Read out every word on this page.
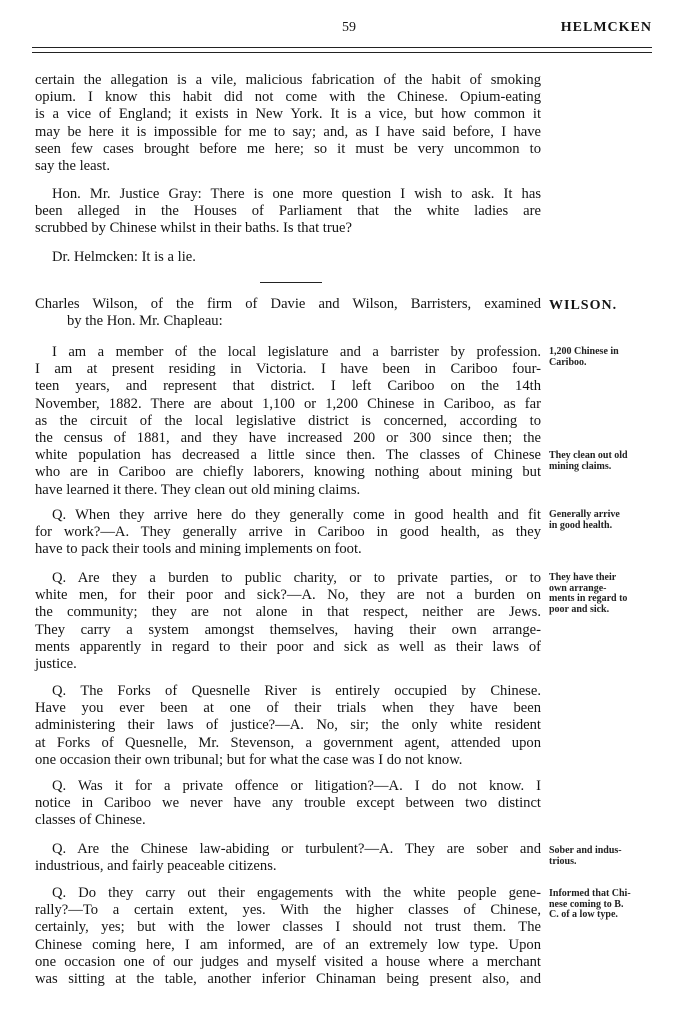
59	HELMCKEN
certain the allegation is a vile, malicious fabrication of the habit of smoking
opium. I know this habit did not come with the Chinese. Opium-eating
is a vice of England; it exists in New York. It is a vice, but how common it
may be here it is impossible for me to say; and, as I have said before, I have
seen few cases brought before me here; so it must be very uncommon to
say the least.
Hon. Mr. Justice Gray: There is one more question I wish to ask. It has
been alleged in the Houses of Parliament that the white ladies are
scrubbed by Chinese whilst in their baths. Is that true?
Dr. Helmcken: It is a lie.
Charles Wilson, of the firm of Davie and Wilson, Barristers, examined
by the Hon. Mr. Chapleau:
WILSON.
I am a member of the local legislature and a barrister by profession.
I am at present residing in Victoria. I have been in Cariboo four-
teen years, and represent that district. I left Cariboo on the 14th
November, 1882. There are about 1,100 or 1,200 Chinese in Cariboo, as far
as the circuit of the local legislative district is concerned, according to
the census of 1881, and they have increased 200 or 300 since then; the
white population has decreased a little since then. The classes of Chinese
who are in Cariboo are chiefly laborers, knowing nothing about mining but
have learned it there. They clean out old mining claims.
Q. When they arrive here do they generally come in good health and fit
for work?—A. They generally arrive in Cariboo in good health, as they
have to pack their tools and mining implements on foot.
Q. Are they a burden to public charity, or to private parties, or to
white men, for their poor and sick?—A. No, they are not a burden on
the community; they are not alone in that respect, neither are Jews.
They carry a system amongst themselves, having their own arrange-
ments apparently in regard to their poor and sick as well as their laws of
justice.
Q. The Forks of Quesnelle River is entirely occupied by Chinese.
Have you ever been at one of their trials when they have been
administering their laws of justice?—A. No, sir; the only white resident
at Forks of Quesnelle, Mr. Stevenson, a government agent, attended upon
one occasion their own tribunal; but for what the case was I do not know.
Q. Was it for a private offence or litigation?—A. I do not know. I
notice in Cariboo we never have any trouble except between two distinct
classes of Chinese.
Q. Are the Chinese law-abiding or turbulent?—A. They are sober and
industrious, and fairly peaceable citizens.
Q. Do they carry out their engagements with the white people gene-
rally?—To a certain extent, yes. With the higher classes of Chinese,
certainly, yes; but with the lower classes I should not trust them. The
Chinese coming here, I am informed, are of an extremely low type. Upon
one occasion one of our judges and myself visited a house where a merchant
was sitting at the table, another inferior Chinaman being present also, and
1,200 Chinese in
Cariboo.
They clean out old
mining claims.
Generally arrive
in good health.
They have their
own arrange-
ments in regard to
poor and sick.
Sober and indus-
trious.
Informed that Chi-
nese coming to B.
C. of a low type.
